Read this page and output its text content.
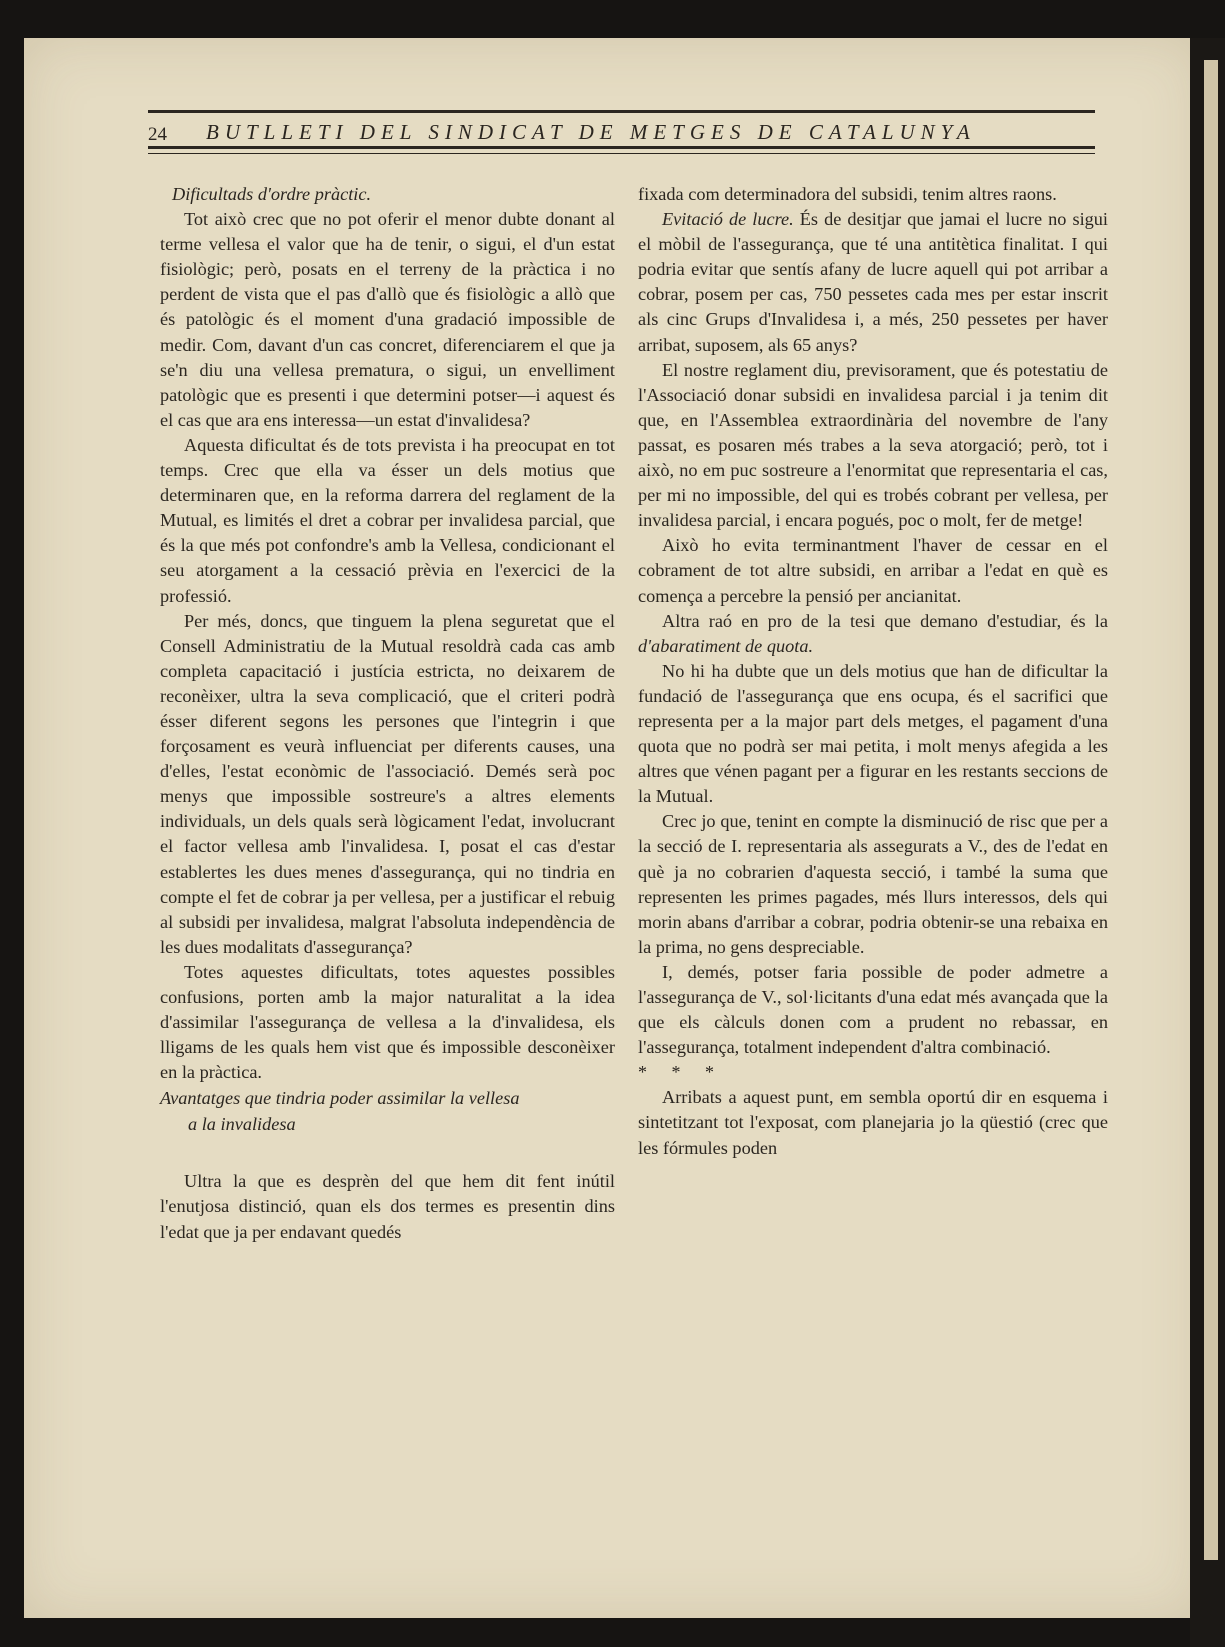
24 BUTLLETI DEL SINDICAT DE METGES DE CATALUNYA

Dificultads d'ordre pràctic.

Tot això crec que no pot oferir el menor dubte donant al terme vellesa el valor que ha de tenir, o sigui, el d'un estat fisiològic; però, posats en el terreny de la pràctica i no perdent de vista que el pas d'allò que és fisiològic a allò que és patològic és el moment d'una gradació impossible de medir. Com, davant d'un cas concret, diferenciarem el que ja se'n diu una vellesa prematura, o sigui, un envelliment patològic que es presenti i que determini potser—i aquest és el cas que ara ens interessa—un estat d'invalidesa?

Aquesta dificultat és de tots prevista i ha preocupat en tot temps. Crec que ella va ésser un dels motius que determinaren que, en la reforma darrera del reglament de la Mutual, es limités el dret a cobrar per invalidesa parcial, que és la que més pot confondre's amb la Vellesa, condicionant el seu atorgament a la cessació prèvia en l'exercici de la professió.

Per més, doncs, que tinguem la plena seguretat que el Consell Administratiu de la Mutual resoldrà cada cas amb completa capacitació i justícia estricta, no deixarem de reconèixer, ultra la seva complicació, que el criteri podrà ésser diferent segons les persones que l'integrin i que forçosament es veurà influenciat per diferents causes, una d'elles, l'estat econòmic de l'associació. Demés serà poc menys que impossible sostreure's a altres elements individuals, un dels quals serà lògicament l'edat, involucrant el factor vellesa amb l'invalidesa. I, posat el cas d'estar establertes les dues menes d'assegurança, qui no tindria en compte el fet de cobrar ja per vellesa, per a justificar el rebuig al subsidi per invalidesa, malgrat l'absoluta independència de les dues modalitats d'assegurança?

Totes aquestes dificultats, totes aquestes possibles confusions, porten amb la major naturalitat a la idea d'assimilar l'assegurança de vellesa a la d'invalidesa, els lligams de les quals hem vist que és impossible desconèixer en la pràctica.

Avantatges que tindria poder assimilar la vellesa
a la invalidesa

Ultra la que es desprèn del que hem dit fent inútil l'enutjosa distinció, quan els dos termes es presentin dins l'edat que ja per endavant quedés

fixada com determinadora del subsidi, tenim altres raons.

Evitació de lucre. És de desitjar que jamai el lucre no sigui el mòbil de l'assegurança, que té una antitètica finalitat. I qui podria evitar que sentís afany de lucre aquell qui pot arribar a cobrar, posem per cas, 750 pessetes cada mes per estar inscrit als cinc Grups d'Invalidesa i, a més, 250 pessetes per haver arribat, suposem, als 65 anys?

El nostre reglament diu, previsorament, que és potestatiu de l'Associació donar subsidi en invalidesa parcial i ja tenim dit que, en l'Assemblea extraordinària del novembre de l'any passat, es posaren més trabes a la seva atorgació; però, tot i això, no em puc sostreure a l'enormitat que representaria el cas, per mi no impossible, del qui es trobés cobrant per vellesa, per invalidesa parcial, i encara pogués, poc o molt, fer de metge!

Això ho evita terminantment l'haver de cessar en el cobrament de tot altre subsidi, en arribar a l'edat en què es comença a percebre la pensió per ancianitat.

Altra raó en pro de la tesi que demano d'estudiar, és la d'abaratiment de quota.

No hi ha dubte que un dels motius que han de dificultar la fundació de l'assegurança que ens ocupa, és el sacrifici que representa per a la major part dels metges, el pagament d'una quota que no podrà ser mai petita, i molt menys afegida a les altres que vénen pagant per a figurar en les restants seccions de la Mutual.

Crec jo que, tenint en compte la disminució de risc que per a la secció de I. representaria als assegurats a V., des de l'edat en què ja no cobrarien d'aquesta secció, i també la suma que representen les primes pagades, més llurs interessos, dels qui morin abans d'arribar a cobrar, podria obtenir-se una rebaixa en la prima, no gens despreciable.

I, demés, potser faria possible de poder admetre a l'assegurança de V., sol·licitants d'una edat més avançada que la que els càlculs donen com a prudent no rebassar, en l'assegurança, totalment independent d'altra combinació.

* * *

Arribats a aquest punt, em sembla oportú dir en esquema i sintetitzant tot l'exposat, com planejaria jo la qüestió (crec que les fórmules poden
